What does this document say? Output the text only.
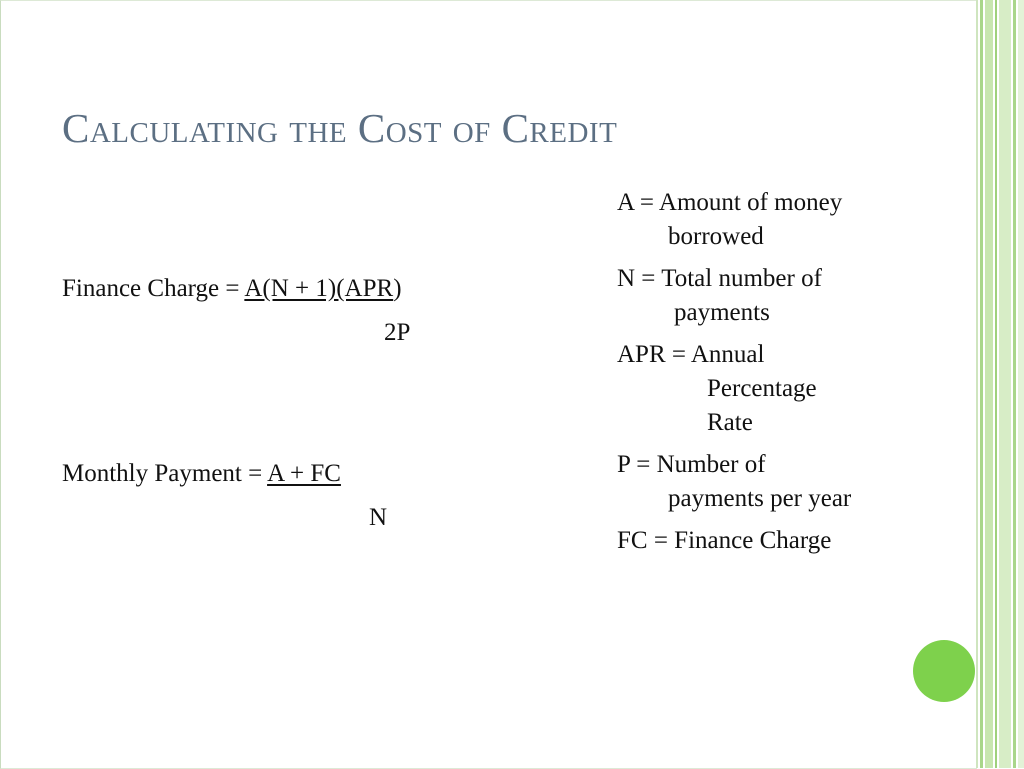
Calculating the Cost of Credit
Finance Charge = A(N + 1)(APR)
2P
Monthly Payment = A + FC
N

A = Amount of money
borrowed

N = Total number of
payments

APR = Annual
Percentage
Rate

P = Number of
payments per year

FC = Finance Charge
